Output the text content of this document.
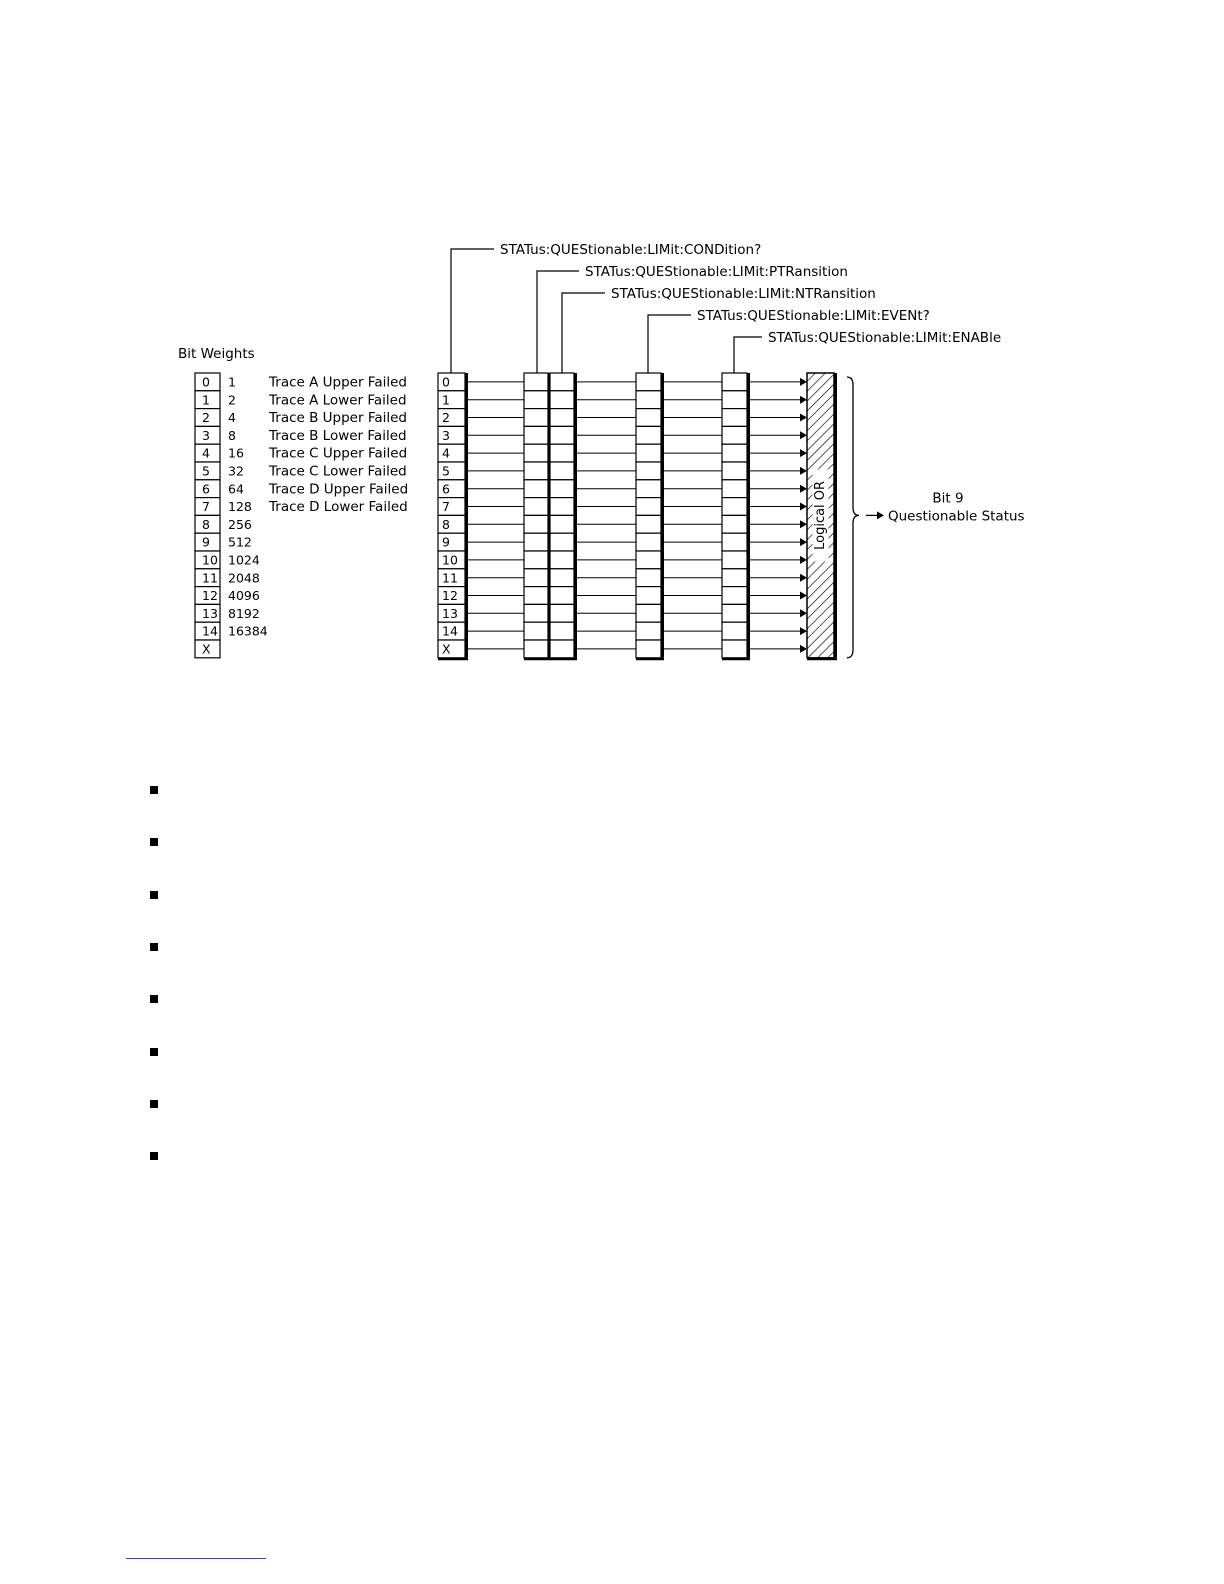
STATus:QUEStionable:LIMit:CONDition?
STATus:QUEStionable:LIMit:PTRansition
STATus:QUEStionable:LIMit:NTRansition
STATus:QUEStionable:LIMit:EVENt?
STATus:QUEStionable:LIMit:ENABle
0
1
2
3
4
5
6
7
8
9
10
11
12
13
14
X
Bit Weights
0 1 Trace A Upper Failed
1 2 Trace A Lower Failed
2 4 Trace B Upper Failed
3 8 Trace B Lower Failed
4 16 Trace C Upper Failed
5 32 Trace C Lower Failed
6 64 Trace D Upper Failed
7 128 Trace D Lower Failed
8 256
9 512
10 1024
11 2048
12 4096
13 8192
14 16384
X
Logical OR	Bit 9
Questionable Status
